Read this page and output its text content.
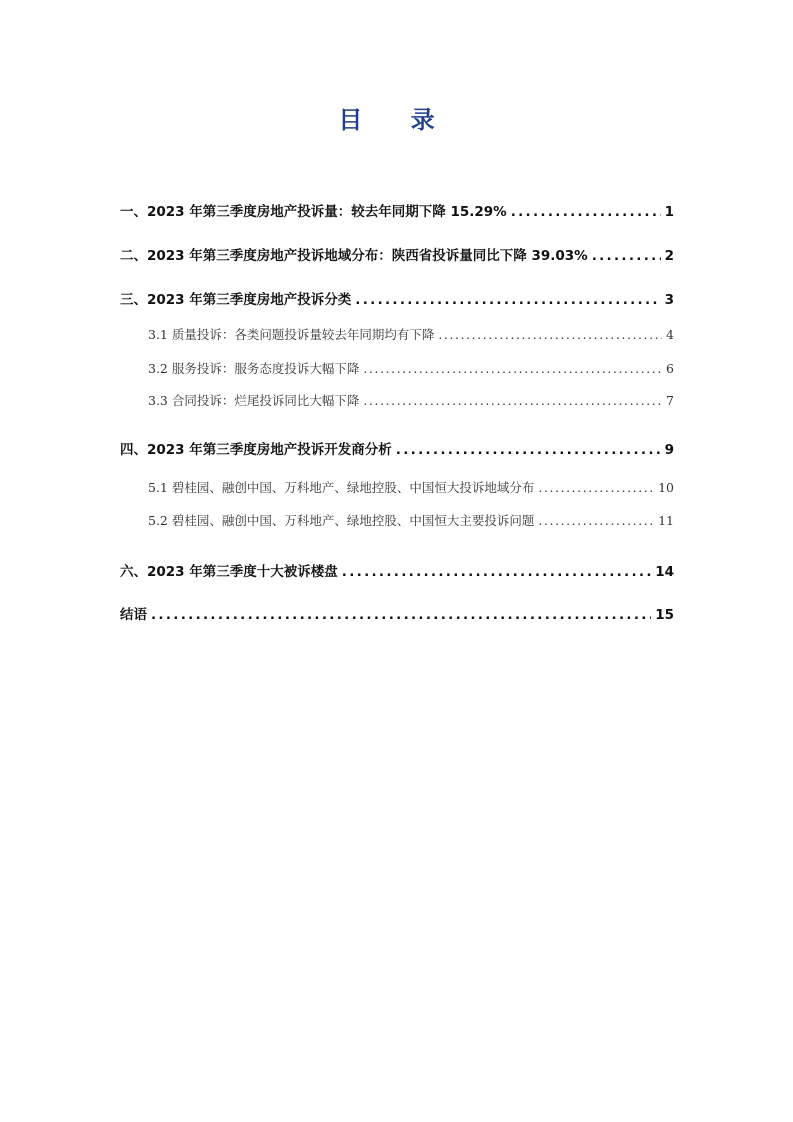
目 录
一、2023 年第三季度房地产投诉量：较去年同期下降 15.29% . . .	1
二、2023 年第三季度房地产投诉地域分布：陕西省投诉量同比下降 39.03% . . .	2
三、2023 年第三季度房地产投诉分类 . . .	3
3.1 质量投诉：各类问题投诉量较去年同期均有下降 . . .	4
3.2 服务投诉：服务态度投诉大幅下降 . . .	6
3.3 合同投诉：烂尾投诉同比大幅下降 . . .	7
四、2023 年第三季度房地产投诉开发商分析 . . .	9
5.1 碧桂园、融创中国、万科地产、绿地控股、中国恒大投诉地域分布 . . .	10
5.2 碧桂园、融创中国、万科地产、绿地控股、中国恒大主要投诉问题 . . .	11
六、2023 年第三季度十大被诉楼盘 . . .	14
结语 . . .	15
